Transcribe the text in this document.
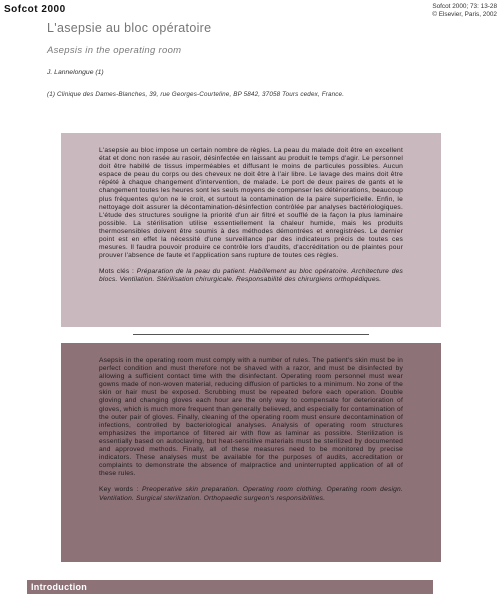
Sofcot 2000	Sofcot 2000; 73: 13-28
© Elsevier, Paris, 2002
L'asepsie au bloc opératoire
Asepsis in the operating room
J. Lannelongue (1)
(1) Clinique des Dames-Blanches, 39, rue Georges-Courteline, BP 5842, 37058 Tours cedex, France.

L'asepsie au bloc impose un certain nombre de règles. La peau du malade doit être en excellent état et donc non rasée au rasoir, désinfectée en laissant au produit le temps d'agir. Le personnel doit être habillé de tissus imperméables et diffusant le moins de particules possibles. Aucun espace de peau du corps ou des cheveux ne doit être à l'air libre. Le lavage des mains doit être répété à chaque changement d'intervention, de malade. Le port de deux paires de gants et le changement toutes les heures sont les seuls moyens de compenser les détériorations, beaucoup plus fréquentes qu'on ne le croit, et surtout la contamination de la paire superficielle. Enfin, le nettoyage doit assurer la décontamination-désinfection contrôlée par analyses bactériologiques. L'étude des structures souligne la priorité d'un air filtré et soufflé de la façon la plus laminaire possible. La stérilisation utilise essentiellement la chaleur humide, mais les produits thermosensibles doivent être soumis à des méthodes démontrées et enregistrées. Le dernier point est en effet la nécessité d'une surveillance par des indicateurs précis de toutes ces mesures. Il faudra pouvoir produire ce contrôle lors d'audits, d'accréditation ou de plaintes pour prouver l'absence de faute et l'application sans rupture de toutes ces règles.

Mots clés : Préparation de la peau du patient. Habillement au bloc opératoire. Architecture des blocs. Ventilation. Stérilisation chirurgicale. Responsabilité des chirurgiens orthopédiques.

Asepsis in the operating room must comply with a number of rules. The patient's skin must be in perfect condition and must therefore not be shaved with a razor, and must be disinfected by allowing a sufficient contact time with the disinfectant. Operating room personnel must wear gowns made of non-woven material, reducing diffusion of particles to a minimum. No zone of the skin or hair must be exposed. Scrubbing must be repeated before each operation. Double gloving and changing gloves each hour are the only way to compensate for deterioration of gloves, which is much more frequent than generally believed, and especially for contamination of the outer pair of gloves. Finally, cleaning of the operating room must ensure decontamination of infections, controlled by bacteriological analyses. Analysis of operating room structures emphasizes the importance of filtered air with flow as laminar as possible. Sterilization is essentially based on autoclaving, but heat-sensitive materials must be sterilized by documented and approved methods. Finally, all of these measures need to be monitored by precise indicators. These analyses must be available for the purposes of audits, accreditation or complaints to demonstrate the absence of malpractice and uninterrupted application of all of these rules.

Key words : Preoperative skin preparation. Operating room clothing. Operating room design. Ventilation. Surgical sterilization. Orthopaedic surgeon's responsibilities.

Introduction
